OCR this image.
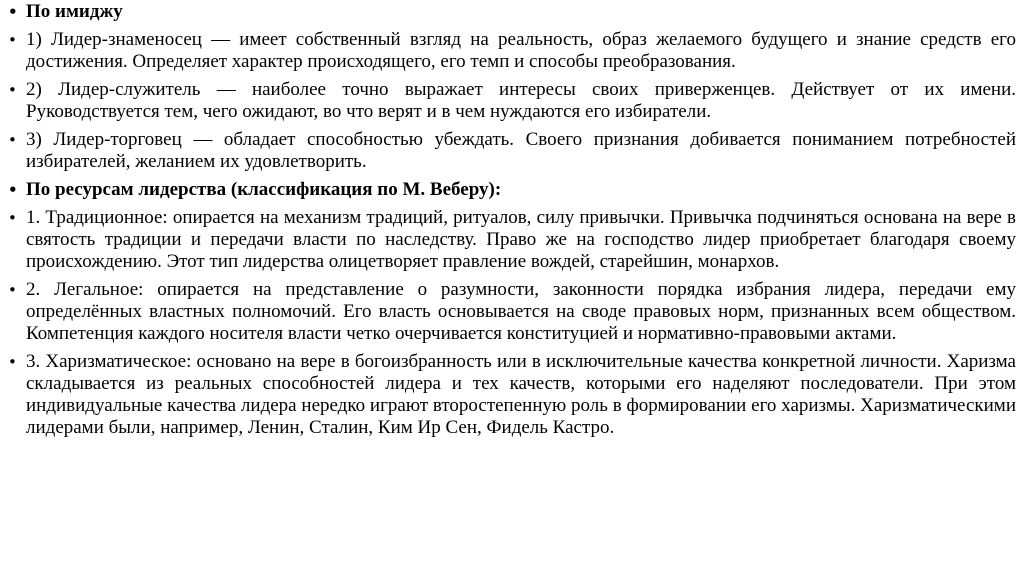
• По имиджу
• 1) Лидер-знаменосец — имеет собственный взгляд на реальность, образ желаемого будущего и знание средств его достижения. Определяет характер происходящего, его темп и способы преобразования.
• 2) Лидер-служитель — наиболее точно выражает интересы своих приверженцев. Действует от их имени. Руководствуется тем, чего ожидают, во что верят и в чем нуждаются его избиратели.
• 3) Лидер-торговец — обладает способностью убеждать. Своего признания добивается пониманием потребностей избирателей, желанием их удовлетворить.
• По ресурсам лидерства (классификация по М. Веберу):
• 1. Традиционное: опирается на механизм традиций, ритуалов, силу привычки. Привычка подчиняться основана на вере в святость традиции и передачи власти по наследству. Право же на господство лидер приобретает благодаря своему происхождению. Этот тип лидерства олицетворяет правление вождей, старейшин, монархов.
• 2. Легальное: опирается на представление о разумности, законности порядка избрания лидера, передачи ему определённых властных полномочий. Его власть основывается на своде правовых норм, признанных всем обществом. Компетенция каждого носителя власти четко очерчивается конституцией и нормативно-правовыми актами.
• 3. Харизматическое: основано на вере в богоизбранность или в исключительные качества конкретной личности. Харизма складывается из реальных способностей лидера и тех качеств, которыми его наделяют последователи. При этом индивидуальные качества лидера нередко играют второстепенную роль в формировании его харизмы. Харизматическими лидерами были, например, Ленин, Сталин, Ким Ир Сен, Фидель Кастро.
